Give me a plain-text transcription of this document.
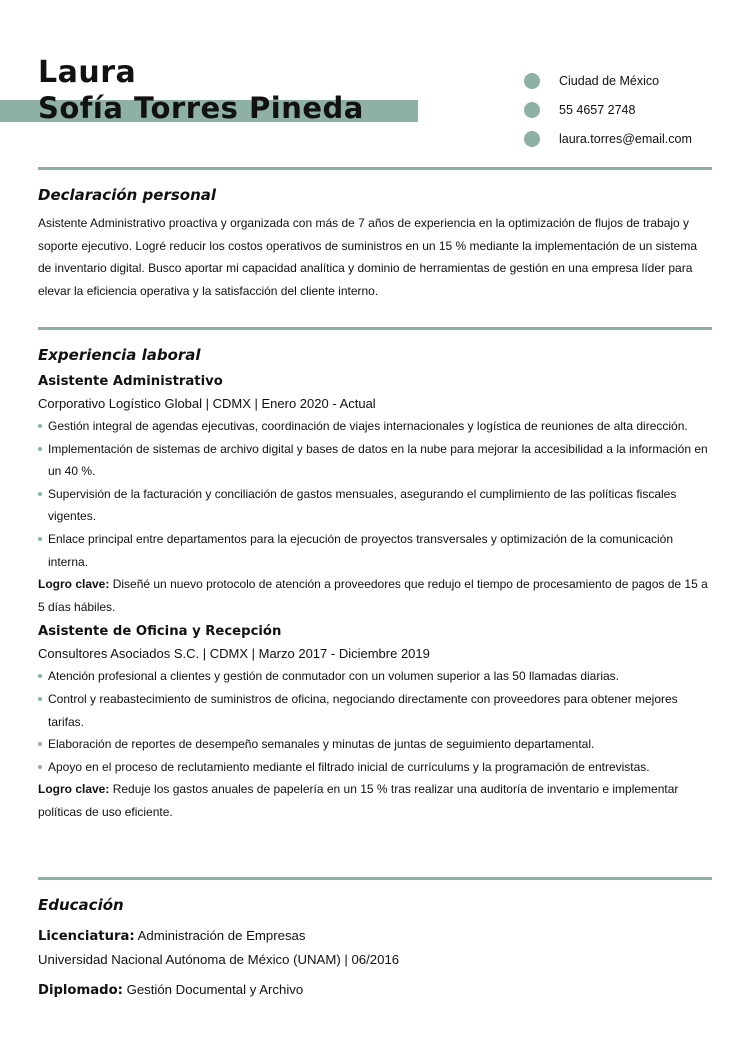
Laura
Sofía Torres Pineda
Ciudad de México
55 4657 2748
laura.torres@email.com
Declaración personal
Asistente Administrativo proactiva y organizada con más de 7 años de experiencia en la optimización de flujos de trabajo y soporte ejecutivo. Logré reducir los costos operativos de suministros en un 15 % mediante la implementación de un sistema de inventario digital. Busco aportar mi capacidad analítica y dominio de herramientas de gestión en una empresa líder para elevar la eficiencia operativa y la satisfacción del cliente interno.
Experiencia laboral
Asistente Administrativo
Corporativo Logístico Global | CDMX | Enero 2020 - Actual
Gestión integral de agendas ejecutivas, coordinación de viajes internacionales y logística de reuniones de alta dirección.
Implementación de sistemas de archivo digital y bases de datos en la nube para mejorar la accesibilidad a la información en un 40 %.
Supervisión de la facturación y conciliación de gastos mensuales, asegurando el cumplimiento de las políticas fiscales vigentes.
Enlace principal entre departamentos para la ejecución de proyectos transversales y optimización de la comunicación interna.
Logro clave: Diseñé un nuevo protocolo de atención a proveedores que redujo el tiempo de procesamiento de pagos de 15 a 5 días hábiles.
Asistente de Oficina y Recepción
Consultores Asociados S.C. | CDMX | Marzo 2017 - Diciembre 2019
Atención profesional a clientes y gestión de conmutador con un volumen superior a las 50 llamadas diarias.
Control y reabastecimiento de suministros de oficina, negociando directamente con proveedores para obtener mejores tarifas.
Elaboración de reportes de desempeño semanales y minutas de juntas de seguimiento departamental.
Apoyo en el proceso de reclutamiento mediante el filtrado inicial de currículums y la programación de entrevistas.
Logro clave: Reduje los gastos anuales de papelería en un 15 % tras realizar una auditoría de inventario e implementar políticas de uso eficiente.
Educación
Licenciatura: Administración de Empresas
Universidad Nacional Autónoma de México (UNAM) | 06/2016
Diplomado: Gestión Documental y Archivo
